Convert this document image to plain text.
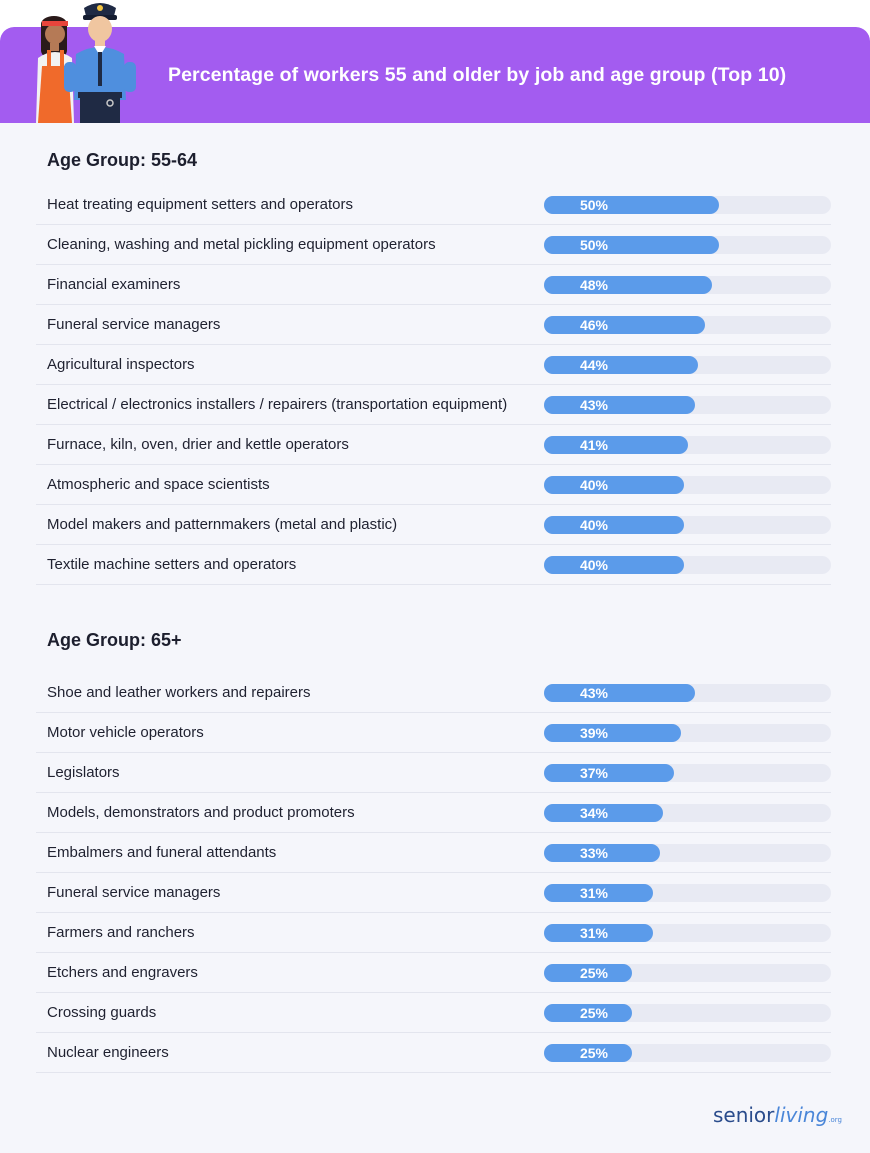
Percentage of workers 55 and older by job and age group (Top 10)
Age Group: 55-64
Heat treating equipment setters and operators	50%
Cleaning, washing and metal pickling equipment operators	50%
Financial examiners	48%
Funeral service managers	46%
Agricultural inspectors	44%
Electrical / electronics installers / repairers (transportation equipment)	43%
Furnace, kiln, oven, drier and kettle operators	41%
Atmospheric and space scientists	40%
Model makers and patternmakers (metal and plastic)	40%
Textile machine setters and operators	40%
Age Group: 65+
Shoe and leather workers and repairers	43%
Motor vehicle operators	39%
Legislators	37%
Models, demonstrators and product promoters	34%
Embalmers and funeral attendants	33%
Funeral service managers	31%
Farmers and ranchers	31%
Etchers and engravers	25%
Crossing guards	25%
Nuclear engineers	25%
seniorliving.org
